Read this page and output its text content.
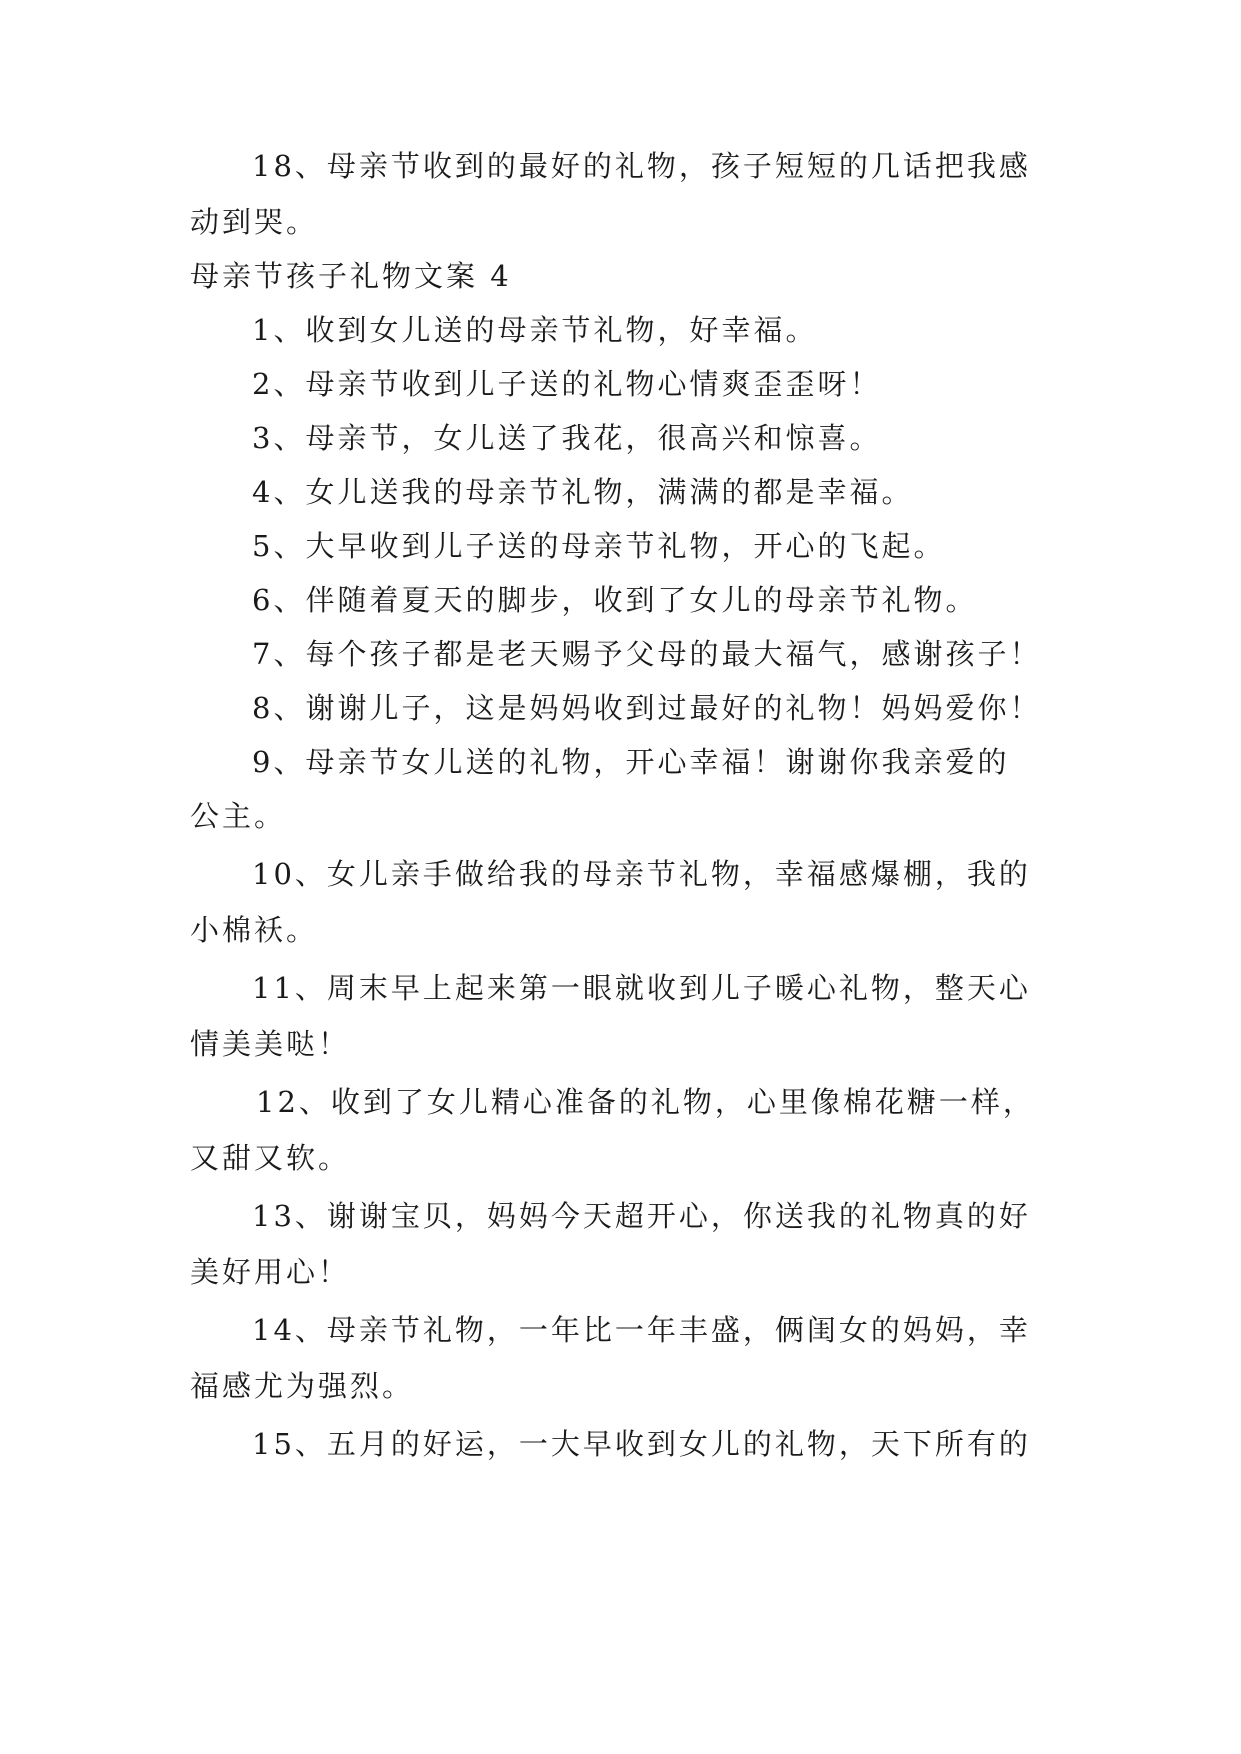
18、母亲节收到的最好的礼物，孩子短短的几话把我感
动到哭。
母亲节孩子礼物文案 4
1、收到女儿送的母亲节礼物，好幸福。
2、母亲节收到儿子送的礼物心情爽歪歪呀！
3、母亲节，女儿送了我花，很高兴和惊喜。
4、女儿送我的母亲节礼物，满满的都是幸福。
5、大早收到儿子送的母亲节礼物，开心的飞起。
6、伴随着夏天的脚步，收到了女儿的母亲节礼物。
7、每个孩子都是老天赐予父母的最大福气，感谢孩子！
8、谢谢儿子，这是妈妈收到过最好的礼物！妈妈爱你！
9、母亲节女儿送的礼物，开心幸福！谢谢你我亲爱的
公主。
10、女儿亲手做给我的母亲节礼物，幸福感爆棚，我的
小棉袄。
11、周末早上起来第一眼就收到儿子暖心礼物，整天心
情美美哒！
12、收到了女儿精心准备的礼物，心里像棉花糖一样，
又甜又软。
13、谢谢宝贝，妈妈今天超开心，你送我的礼物真的好
美好用心！
14、母亲节礼物，一年比一年丰盛，俩闺女的妈妈，幸
福感尤为强烈。
15、五月的好运，一大早收到女儿的礼物，天下所有的
